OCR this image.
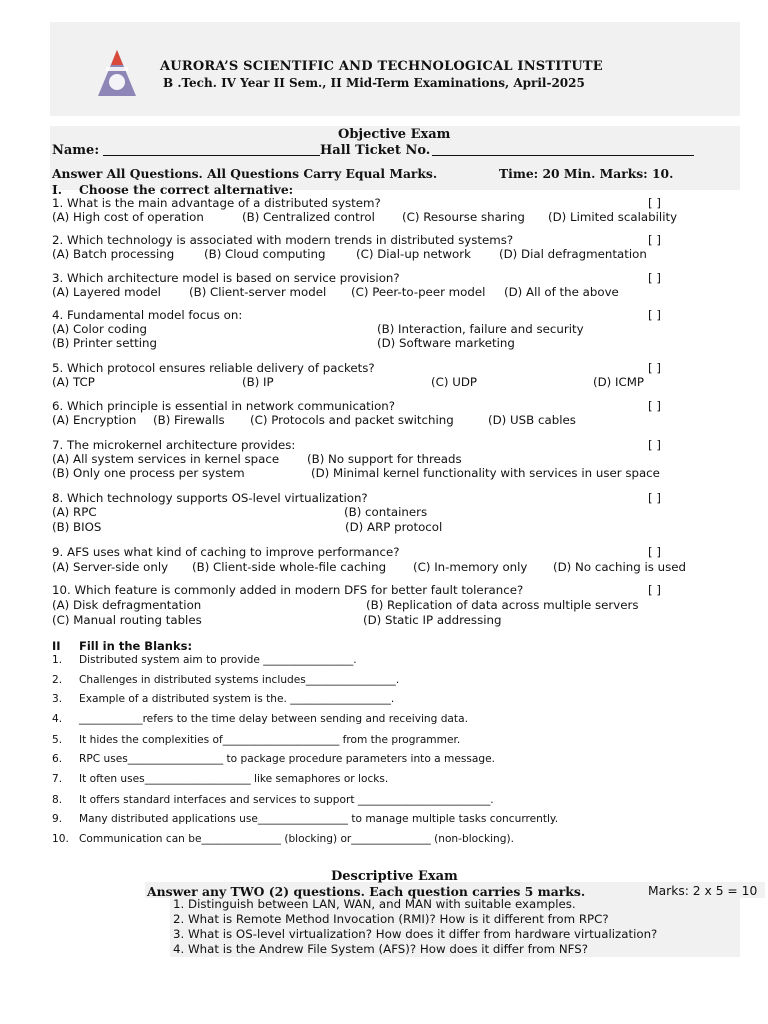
AURORA’S SCIENTIFIC AND TECHNOLOGICAL INSTITUTE
B .Tech. IV Year II Sem., II Mid-Term Examinations, April-2025
Objective Exam
Name:	Hall Ticket No.
Answer All Questions. All Questions Carry Equal Marks.	Time: 20 Min. Marks: 10.
I. Choose the correct alternative:
1. What is the main advantage of a distributed system?	[ ]
(A) High cost of operation	(B) Centralized control (C) Resourse sharing (D) Limited scalability
2. Which technology is associated with modern trends in distributed systems?	[ ]
(A) Batch processing	(B) Cloud computing	(C) Dial-up network (D) Dial defragmentation
3. Which architecture model is based on service provision?	[ ]
(A) Layered model (B) Client-server model (C) Peer-to-peer model (D) All of the above
4. Fundamental model focus on:	[ ]
(A) Color coding	(B) Interaction, failure and security
(B) Printer setting	(D) Software marketing
5. Which protocol ensures reliable delivery of packets?	[ ]
(A) TCP	(B) IP	(C) UDP	(D) ICMP
6. Which principle is essential in network communication?	[ ]
(A) Encryption (B) Firewalls (C) Protocols and packet switching	(D) USB cables
7. The microkernel architecture provides:	[ ]
(A) All system services in kernel space (B) No support for threads
(B) Only one process per system	(D) Minimal kernel functionality with services in user space
8. Which technology supports OS-level virtualization?	[ ]
(A) RPC	(B) containers
(B) BIOS	(D) ARP protocol
9. AFS uses what kind of caching to improve performance?	[ ]
(A) Server-side only (B) Client-side whole-file caching (C) In-memory only (D) No caching is used
10. Which feature is commonly added in modern DFS for better fault tolerance?	[ ]
(A) Disk defragmentation	(B) Replication of data across multiple servers
(C) Manual routing tables	(D) Static IP addressing
II Fill in the Blanks:
1. Distributed system aim to provide _________________.
2. Challenges in distributed systems includes_________________.
3. Example of a distributed system is the. ___________________.
4. ____________refers to the time delay between sending and receiving data.
5. It hides the complexities of______________________ from the programmer.
6. RPC uses__________________ to package procedure parameters into a message.
7. It often uses____________________ like semaphores or locks.
8. It offers standard interfaces and services to support _________________________.
9. Many distributed applications use_________________ to manage multiple tasks concurrently.
10. Communication can be_______________ (blocking) or_______________ (non-blocking).
Descriptive Exam
Answer any TWO (2) questions. Each question carries 5 marks.	Marks: 2 x 5 = 10
1. Distinguish between LAN, WAN, and MAN with suitable examples.
2. What is Remote Method Invocation (RMI)? How is it different from RPC?
3. What is OS-level virtualization? How does it differ from hardware virtualization?
4. What is the Andrew File System (AFS)? How does it differ from NFS?
